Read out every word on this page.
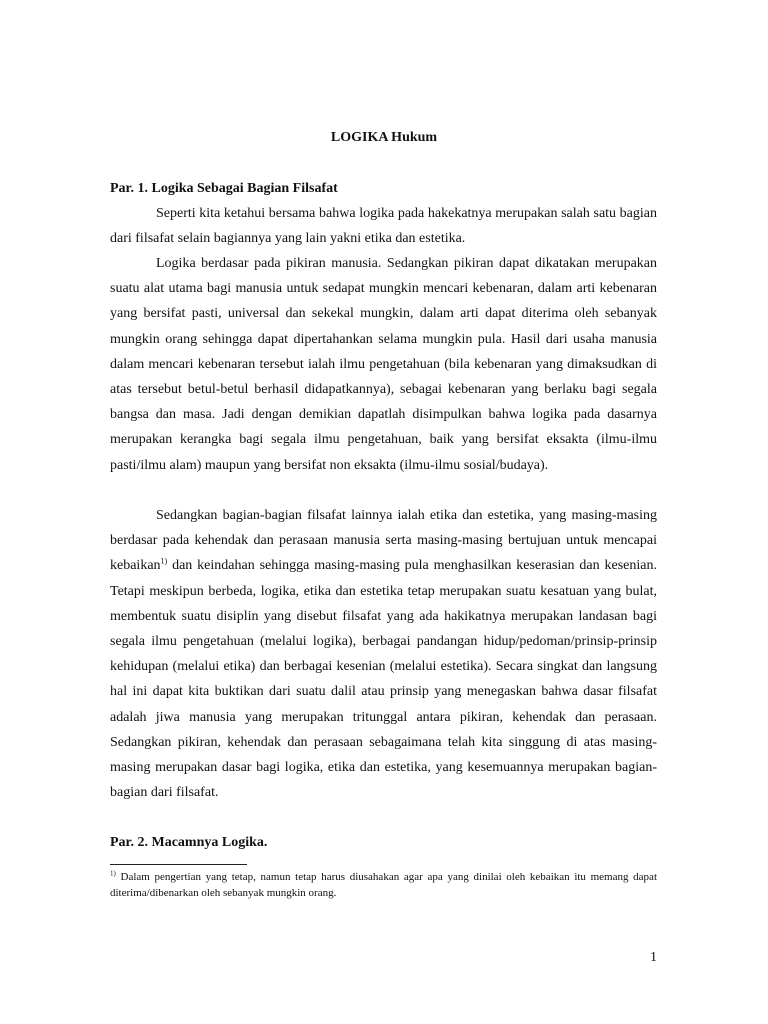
LOGIKA Hukum
Par. 1. Logika Sebagai Bagian Filsafat

Seperti kita ketahui bersama bahwa logika pada hakekatnya merupakan salah satu bagian dari filsafat selain bagiannya yang lain yakni etika dan estetika.

Logika berdasar pada pikiran manusia. Sedangkan pikiran dapat dikatakan merupakan suatu alat utama bagi manusia untuk sedapat mungkin mencari kebenaran, dalam arti kebenaran yang bersifat pasti, universal dan sekekal mungkin, dalam arti dapat diterima oleh sebanyak mungkin orang sehingga dapat dipertahankan selama mungkin pula. Hasil dari usaha manusia dalam mencari kebenaran tersebut ialah ilmu pengetahuan (bila kebenaran yang dimaksudkan di atas tersebut betul-betul berhasil didapatkannya), sebagai kebenaran yang berlaku bagi segala bangsa dan masa. Jadi dengan demikian dapatlah disimpulkan bahwa logika pada dasarnya merupakan kerangka bagi segala ilmu pengetahuan, baik yang bersifat eksakta (ilmu-ilmu pasti/ilmu alam) maupun yang bersifat non eksakta (ilmu-ilmu sosial/budaya).

Sedangkan bagian-bagian filsafat lainnya ialah etika dan estetika, yang masing-masing berdasar pada kehendak dan perasaan manusia serta masing-masing bertujuan untuk mencapai kebaikan$^{1)}$ dan keindahan sehingga masing-masing pula menghasilkan keserasian dan kesenian. Tetapi meskipun berbeda, logika, etika dan estetika tetap merupakan suatu kesatuan yang bulat, membentuk suatu disiplin yang disebut filsafat yang ada hakikatnya merupakan landasan bagi segala ilmu pengetahuan (melalui logika), berbagai pandangan hidup/pedoman/prinsip-prinsip kehidupan (melalui etika) dan berbagai kesenian (melalui estetika). Secara singkat dan langsung hal ini dapat kita buktikan dari suatu dalil atau prinsip yang menegaskan bahwa dasar filsafat adalah jiwa manusia yang merupakan tritunggal antara pikiran, kehendak dan perasaan. Sedangkan pikiran, kehendak dan perasaan sebagaimana telah kita singgung di atas masing-masing merupakan dasar bagi logika, etika dan estetika, yang kesemuannya merupakan bagian-bagian dari filsafat.

Par. 2. Macamnya Logika.

$^{1)}$ Dalam pengertian yang tetap, namun tetap harus diusahakan agar apa yang dinilai oleh kebaikan itu memang dapat diterima/dibenarkan oleh sebanyak mungkin orang.

1
